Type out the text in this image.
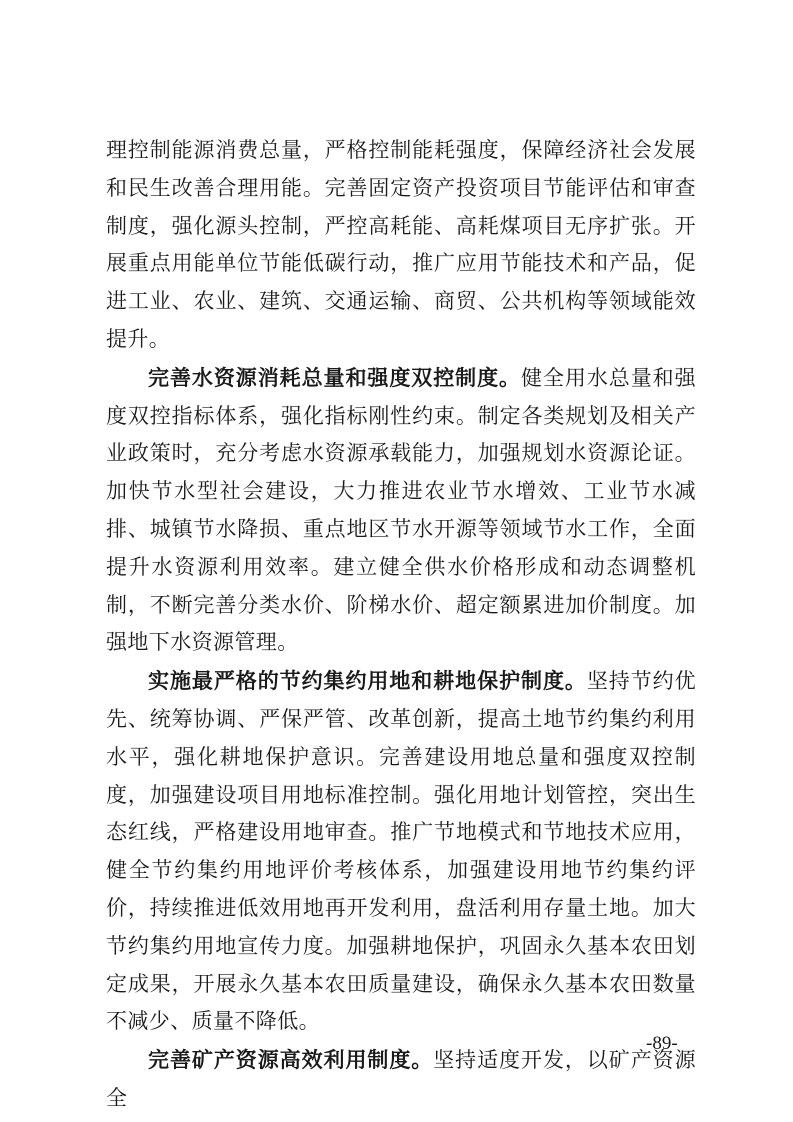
理控制能源消费总量，严格控制能耗强度，保障经济社会发展和民生改善合理用能。完善固定资产投资项目节能评估和审查制度，强化源头控制，严控高耗能、高耗煤项目无序扩张。开展重点用能单位节能低碳行动，推广应用节能技术和产品，促进工业、农业、建筑、交通运输、商贸、公共机构等领域能效提升。

完善水资源消耗总量和强度双控制度。健全用水总量和强度双控指标体系，强化指标刚性约束。制定各类规划及相关产业政策时，充分考虑水资源承载能力，加强规划水资源论证。加快节水型社会建设，大力推进农业节水增效、工业节水减排、城镇节水降损、重点地区节水开源等领域节水工作，全面提升水资源利用效率。建立健全供水价格形成和动态调整机制，不断完善分类水价、阶梯水价、超定额累进加价制度。加强地下水资源管理。

实施最严格的节约集约用地和耕地保护制度。坚持节约优先、统筹协调、严保严管、改革创新，提高土地节约集约利用水平，强化耕地保护意识。完善建设用地总量和强度双控制度，加强建设项目用地标准控制。强化用地计划管控，突出生态红线，严格建设用地审查。推广节地模式和节地技术应用，健全节约集约用地评价考核体系，加强建设用地节约集约评价，持续推进低效用地再开发利用，盘活利用存量土地。加大节约集约用地宣传力度。加强耕地保护，巩固永久基本农田划定成果，开展永久基本农田质量建设，确保永久基本农田数量不减少、质量不降低。

完善矿产资源高效利用制度。坚持适度开发，以矿产资源全

-89-
